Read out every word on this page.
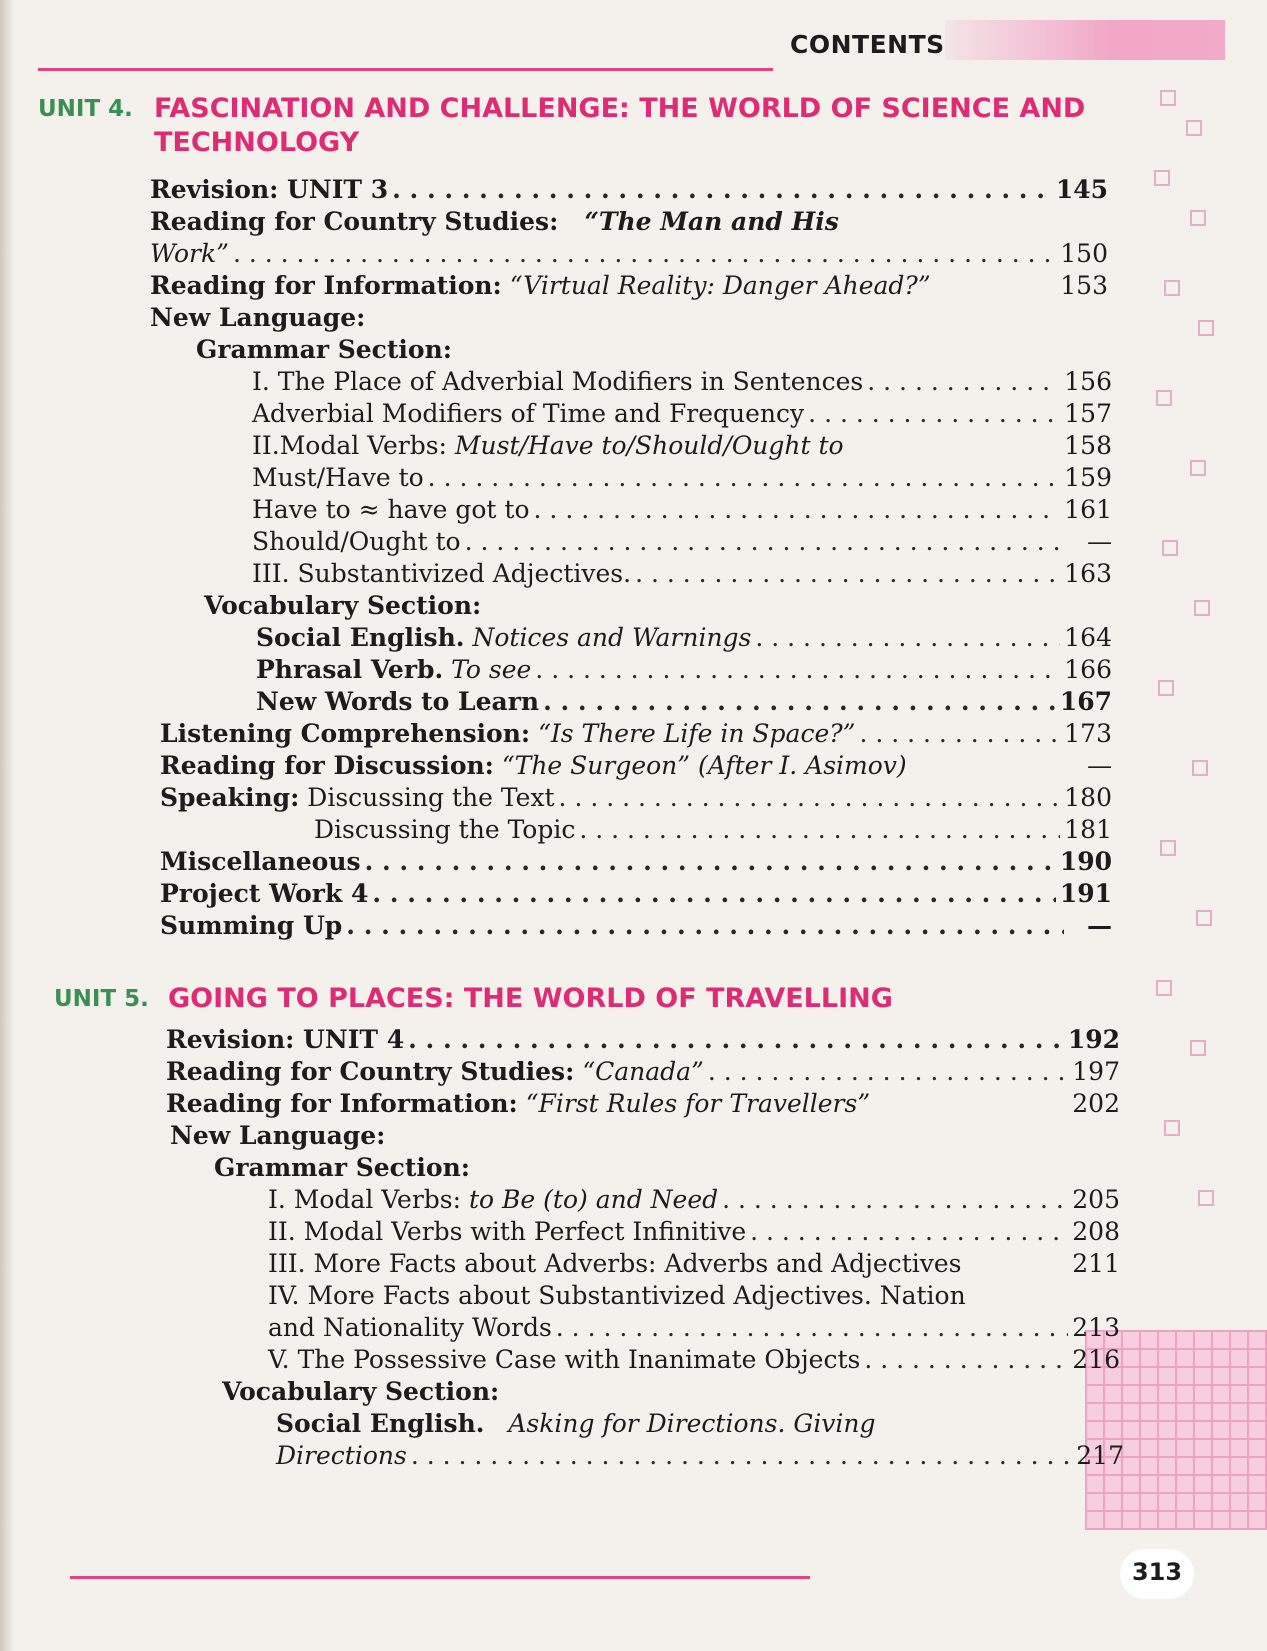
CONTENTS
UNIT 4. FASCINATION AND CHALLENGE: THE WORLD OF SCIENCE AND TECHNOLOGY
Revision: UNIT 3 . . .	145
Reading for Country Studies: “The Man and His
Work” . . .	150
Reading for Information: “Virtual Reality: Danger Ahead?”	153
New Language:
Grammar Section:
I. The Place of Adverbial Modifiers in Sentences . . .	156
Adverbial Modifiers of Time and Frequency . . .	157
II.Modal Verbs: Must/Have to/Should/Ought to	158
Must/Have to . . .	159
Have to ≈ have got to . . .	161
Should/Ought to . . .	—
III. Substantivized Adjectives. . . .	163
Vocabulary Section:
Social English. Notices and Warnings . . .	164
Phrasal Verb. To see . . .	166
New Words to Learn . . .	167
Listening Comprehension: “Is There Life in Space?” . . .	173
Reading for Discussion: “The Surgeon” (After I. Asimov)	—
Speaking: Discussing the Text . . .	180
Discussing the Topic . . .	181
Miscellaneous . . .	190
Project Work 4 . . .	191
Summing Up . . .	—
UNIT 5. GOING TO PLACES: THE WORLD OF TRAVELLING
Revision: UNIT 4 . . .	192
Reading for Country Studies: “Canada” . . .	197
Reading for Information: “First Rules for Travellers”	202
New Language:
Grammar Section:
I. Modal Verbs: to Be (to) and Need . . .	205
II. Modal Verbs with Perfect Infinitive . . .	208
III. More Facts about Adverbs: Adverbs and Adjectives	211
IV. More Facts about Substantivized Adjectives. Nation
and Nationality Words . . .	213
V. The Possessive Case with Inanimate Objects . . .	216
Vocabulary Section:
Social English. Asking for Directions. Giving
Directions . . .	217
313
